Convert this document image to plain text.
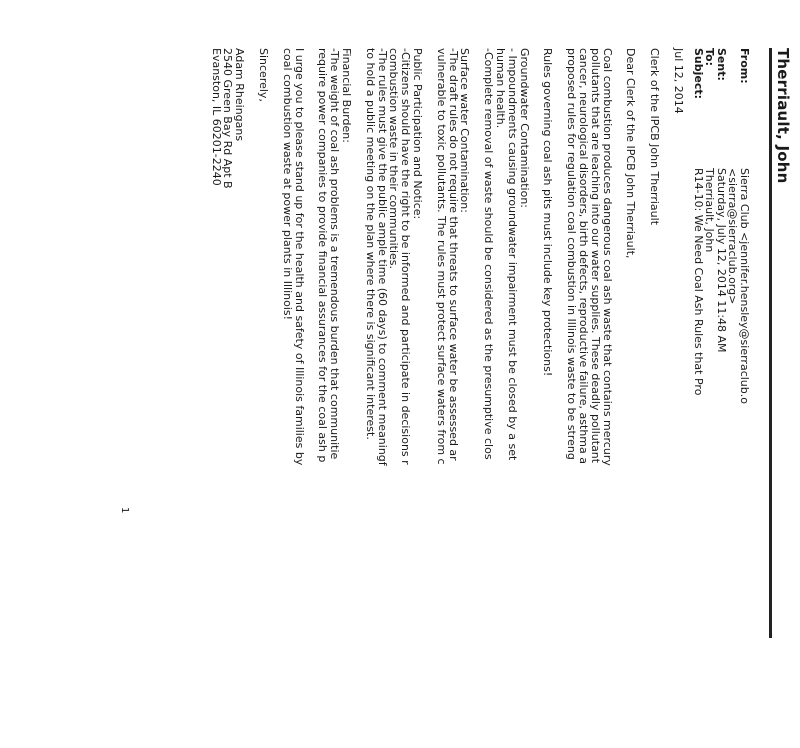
Therriault, John
From:
Sierra Club <jennifer.hensley@sierraclub.o
<sierra@sierraclub.org>
Sent:
Saturday, July 12, 2014 11:48 AM
To:
Therriault, John
Subject:
R14-10: We Need Coal Ash Rules that Pro
Jul 12, 2014
Clerk of the IPCB John Therriault
Dear Clerk of the IPCB John Therriault,
Coal combustion produces dangerous coal ash waste that contains mercury
pollutants that are leaching into our water supplies. These deadly pollutant
cancer, neurological disorders, birth defects, reproductive failure, asthma a
proposed rules for regulation coal combustion in Illinois waste to be streng
Rules governing coal ash pits must include key protections!
Groundwater Contamination:
- Impoundments causing groundwater impairment must be closed by a set
human health.
-Complete removal of waste should be considered as the presumptive clos
Surface water Contamination:
-The draft rules do not require that threats to surface water be assessed ar
vulnerable to toxic pollutants. The rules must protect surface waters from c
Public Participation and Notice:
-Citizens should have the right to be informed and participate in decisions r
combustion waste in their communities.
-The rules must give the public ample time (60 days) to comment meaningf
to hold a public meeting on the plan where there is significant interest.
Financial Burden:
-The weight of coal ash problems is a tremendous burden that communitie
require power companies to provide financial assurances for the coal ash p
I urge you to please stand up for the health and safety of Illinois families by
coal combustion waste at power plants in Illinois!
Sincerely,
Adam Rheingans
2540 Green Bay Rd Apt B
Evanston, IL 60201-2240
1
